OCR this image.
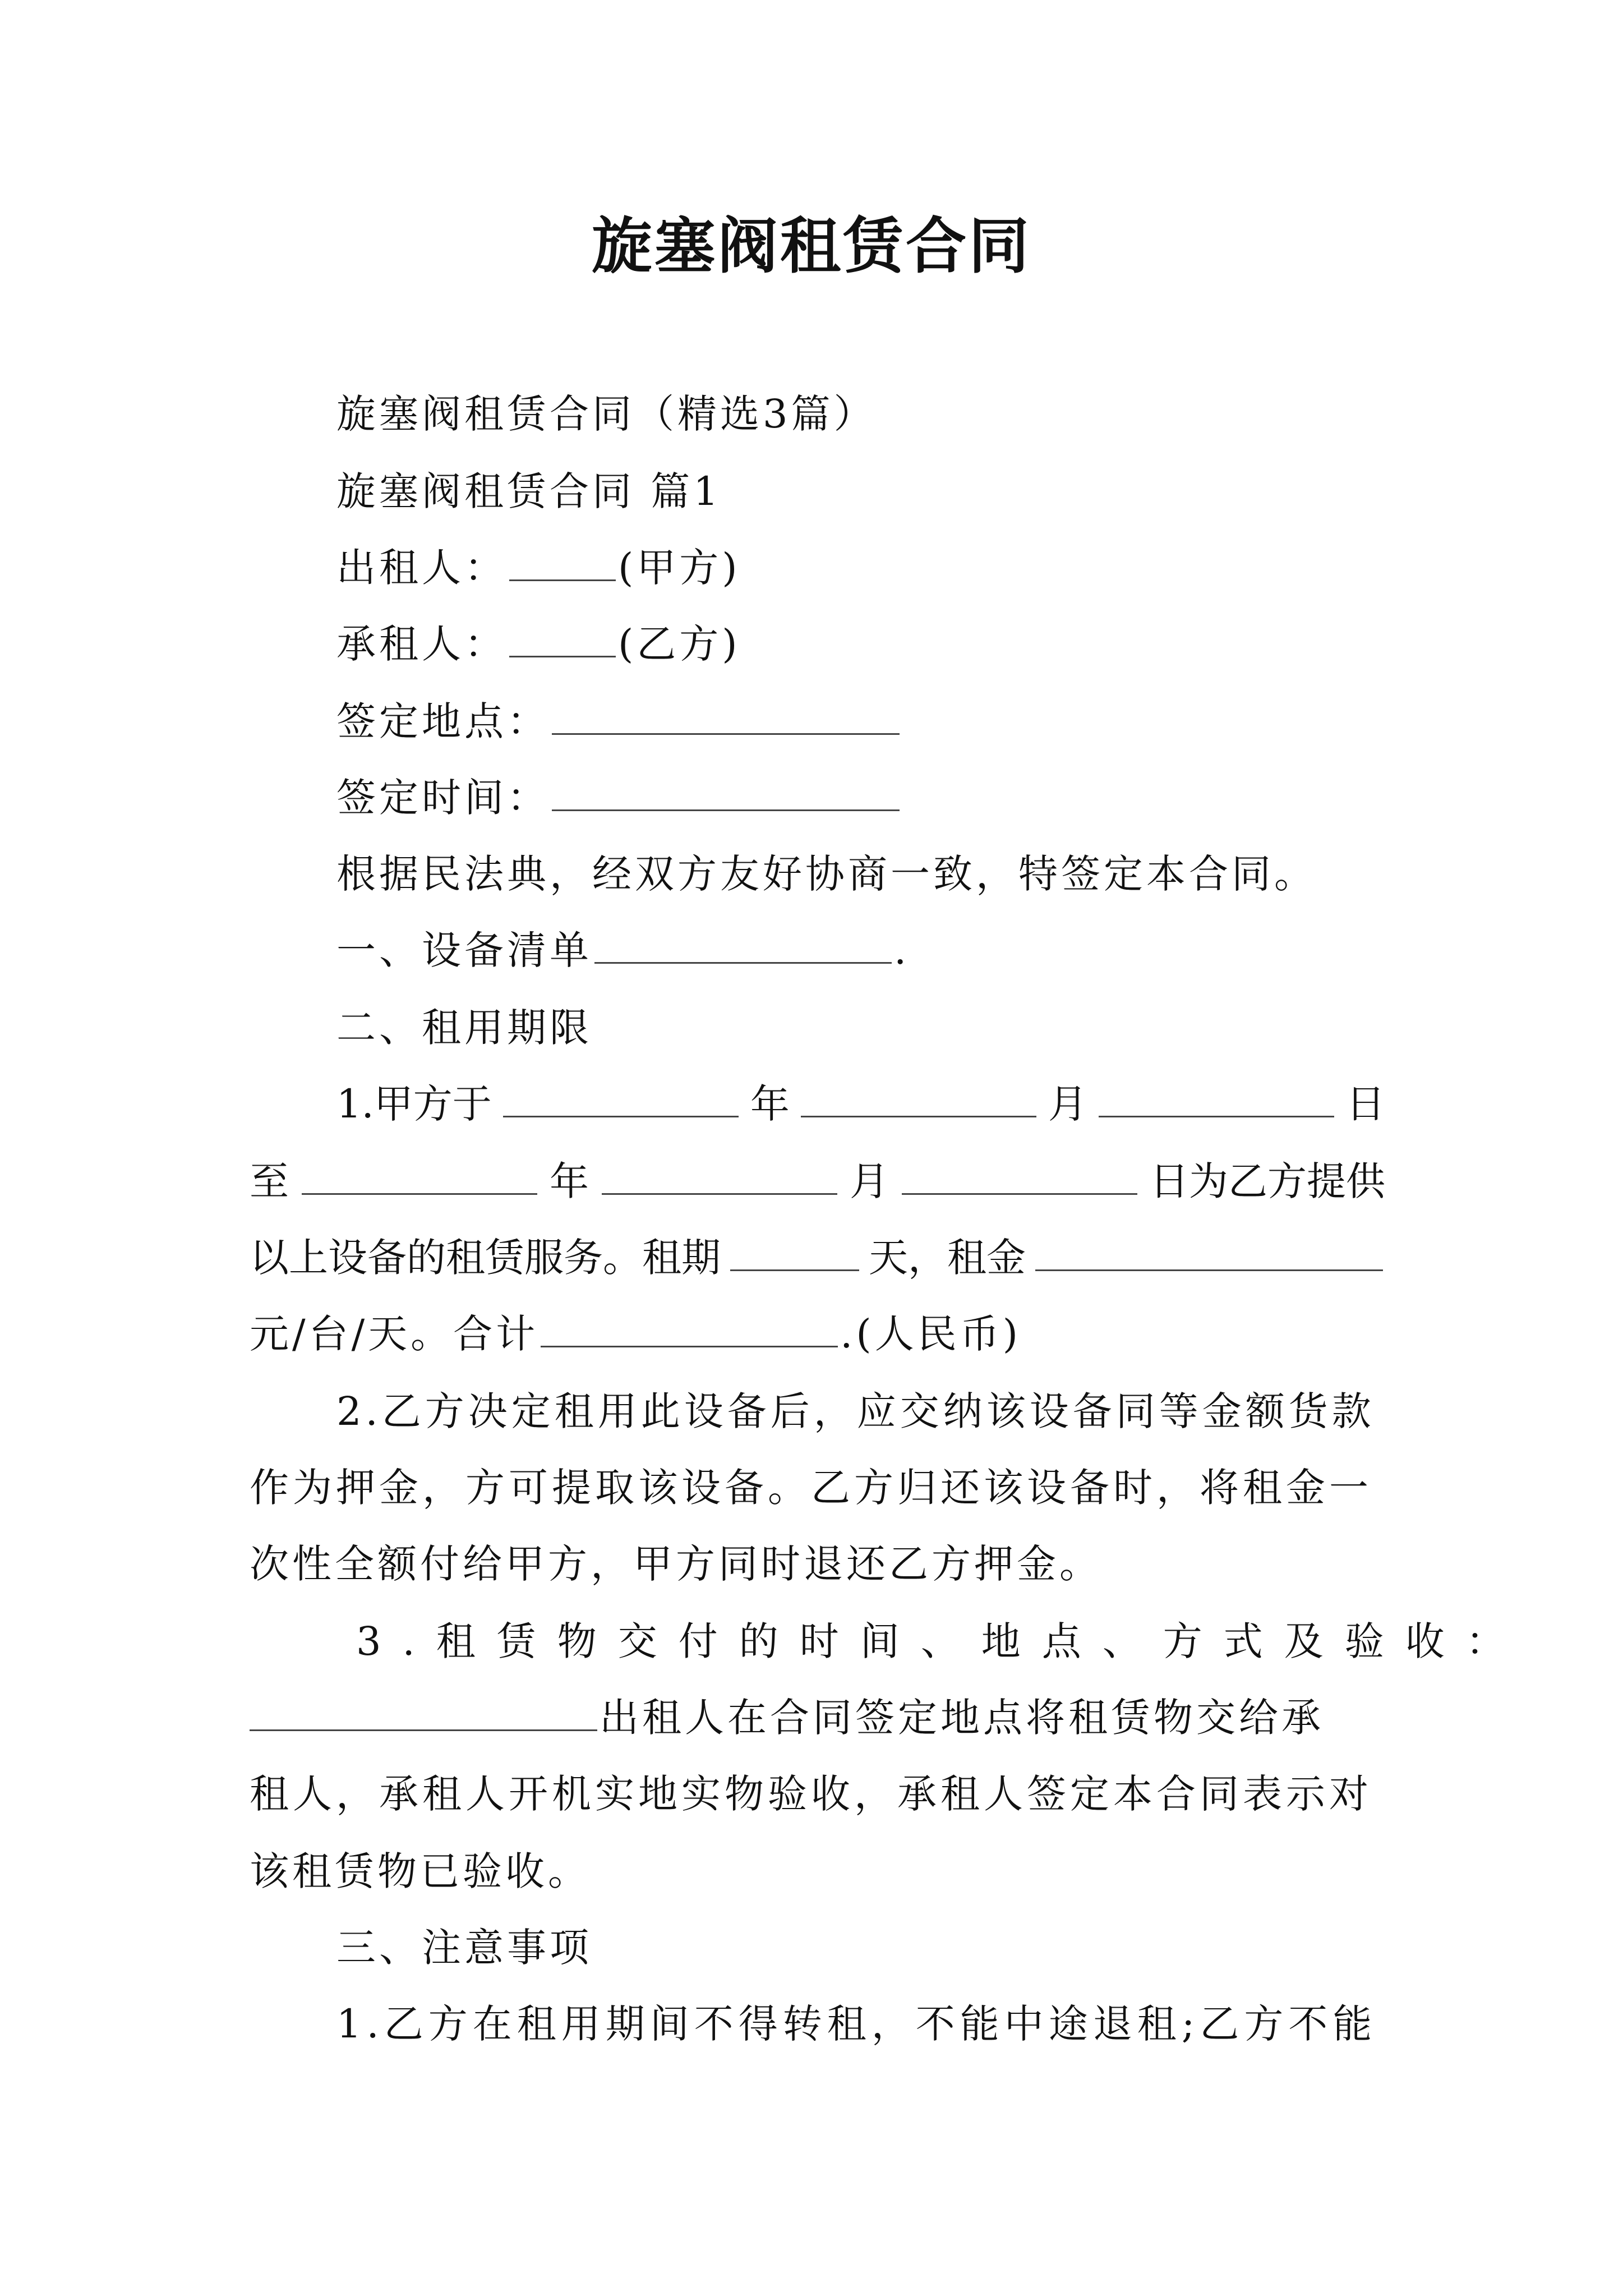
旋塞阀租赁合同
旋塞阀租赁合同（精选3篇）
旋塞阀租赁合同 篇1
出租人：	(甲方)
承租人：	(乙方)
签定地点：
签定时间：
根据民法典，经双方友好协商一致，特签定本合同。
一、设备清单	.
二、租用期限
1.甲方于	年	月	日
至	年	月	日为乙方提供
以上设备的租赁服务。租期	天，租金
元/台/天。合计	.(人民币)
2.乙方决定租用此设备后，应交纳该设备同等金额货款
作为押金，方可提取该设备。乙方归还该设备时，将租金一
次性全额付给甲方，甲方同时退还乙方押金。
3.租赁物交付的时间、地点、方式及验收：
出租人在合同签定地点将租赁物交给承
租人，承租人开机实地实物验收，承租人签定本合同表示对
该租赁物已验收。
三、注意事项
1.乙方在租用期间不得转租，不能中途退租;乙方不能
